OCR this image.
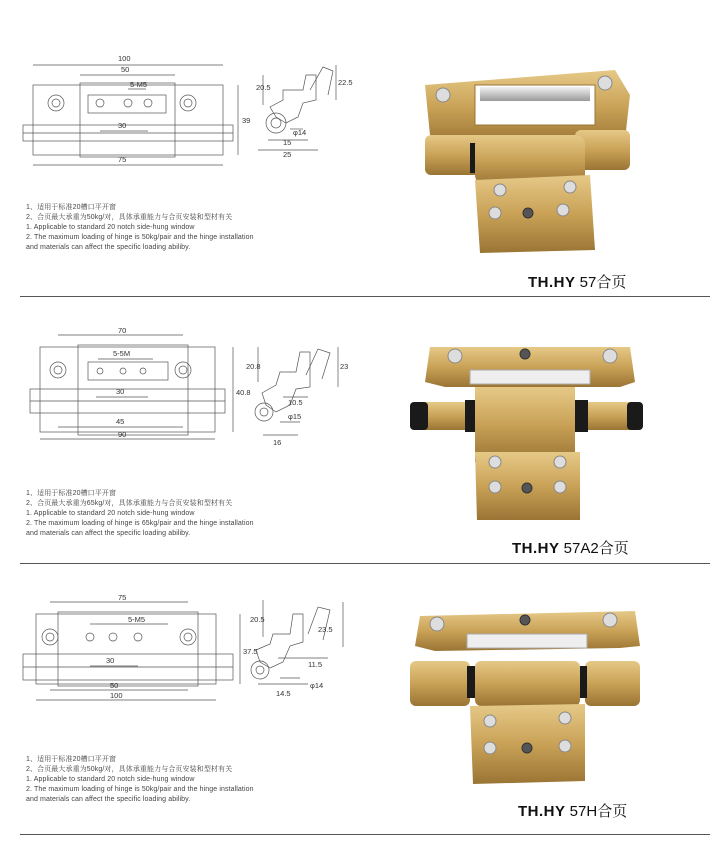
100
50
5-M5
39
30
75
20.5
22.5
φ14
15
25
1、适用于标准20槽口平开窗
2、合页最大承重为50kg/对，具体承重能力与合页安装和型材有关
1. Applicable to standard 20 notch side-hung window
2. The maximum loading of hinge is 50kg/pair and the hinge installation
and materials can affect the specific loading abiliby.
TH.HY 57合页
70
5-5M
40.8
30
45
90
20.8	23
10.5
φ15
16
1、适用于标准20槽口平开窗
2、合页最大承重为65kg/对，具体承重能力与合页安装和型材有关
1. Applicable to standard 20 notch side-hung window
2. The maximum loading of hinge is 65kg/pair and the hinge installation
and materials can affect the specific loading abiliby.
TH.HY 57A2合页
75
5-M5
37.5
30
50
100
20.5
23.5
11.5
φ14
14.5
1、适用于标准20槽口平开窗
2、合页最大承重为50kg/对，具体承重能力与合页安装和型材有关
1. Applicable to standard 20 notch side-hung window
2. The maximum loading of hinge is 50kg/pair and the hinge installation
and materials can affect the specific loading abiliby.
TH.HY 57H合页
